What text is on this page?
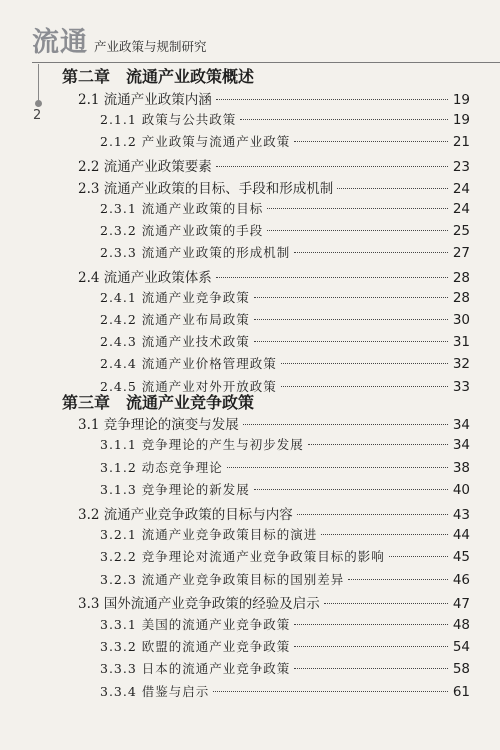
流通 产业政策与规制研究
2
第二章　流通产业政策概述
2.1 流通产业政策内涵	19
2.1.1 政策与公共政策	19
2.1.2 产业政策与流通产业政策	21
2.2 流通产业政策要素	23
2.3 流通产业政策的目标、手段和形成机制	24
2.3.1 流通产业政策的目标	24
2.3.2 流通产业政策的手段	25
2.3.3 流通产业政策的形成机制	27
2.4 流通产业政策体系	28
2.4.1 流通产业竞争政策	28
2.4.2 流通产业布局政策	30
2.4.3 流通产业技术政策	31
2.4.4 流通产业价格管理政策	32
2.4.5 流通产业对外开放政策	33
第三章　流通产业竞争政策
3.1 竞争理论的演变与发展	34
3.1.1 竞争理论的产生与初步发展	34
3.1.2 动态竞争理论	38
3.1.3 竞争理论的新发展	40
3.2 流通产业竞争政策的目标与内容	43
3.2.1 流通产业竞争政策目标的演进	44
3.2.2 竞争理论对流通产业竞争政策目标的影响	45
3.2.3 流通产业竞争政策目标的国别差异	46
3.3 国外流通产业竞争政策的经验及启示	47
3.3.1 美国的流通产业竞争政策	48
3.3.2 欧盟的流通产业竞争政策	54
3.3.3 日本的流通产业竞争政策	58
3.3.4 借鉴与启示	61
